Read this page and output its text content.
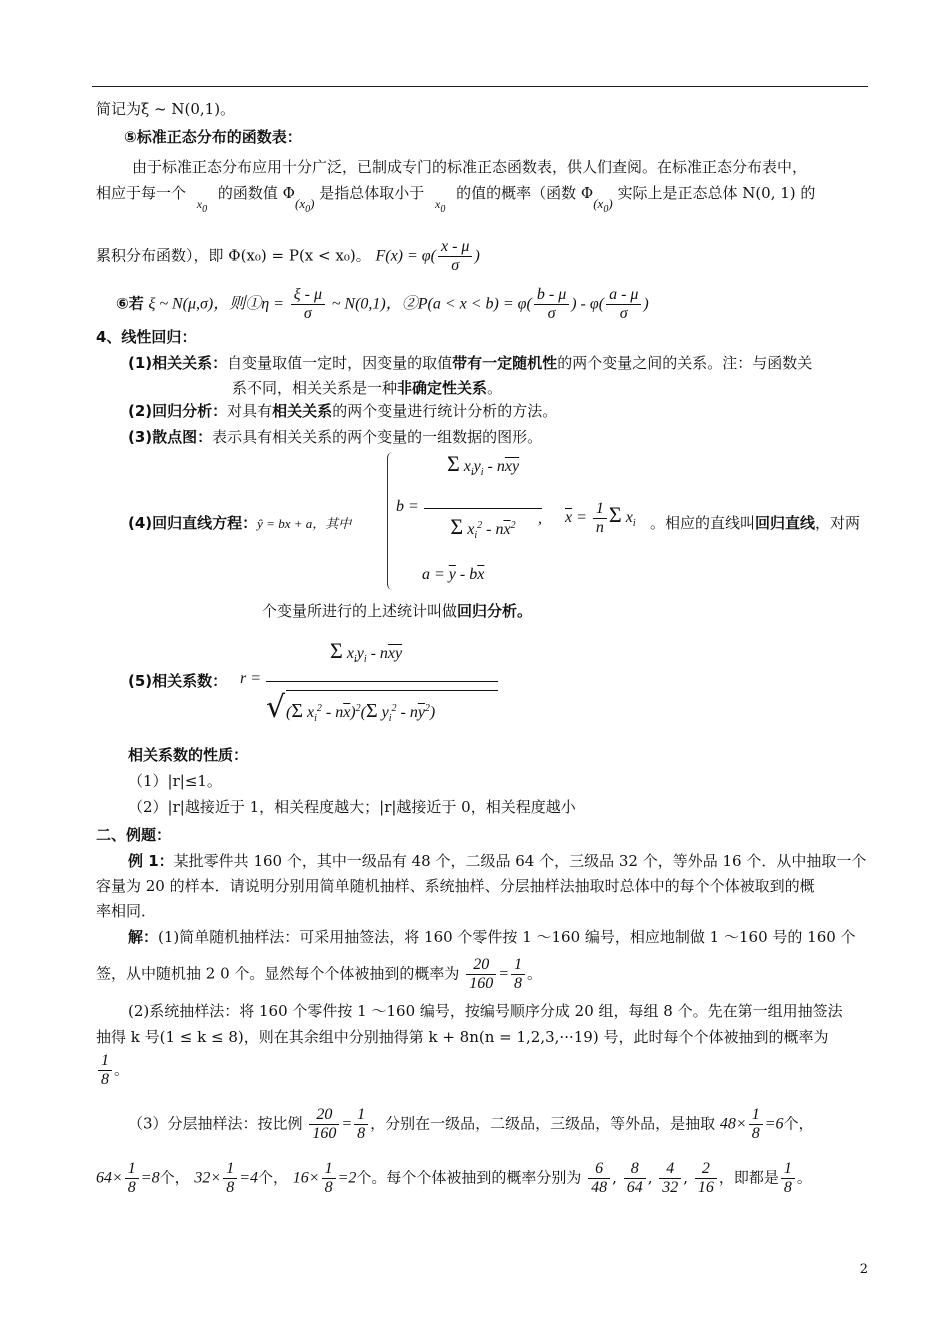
简记为ξ ~ N(0,1)。
⑤标准正态分布的函数表：
由于标准正态分布应用十分广泛，已制成专门的标准正态函数表，供人们查阅。在标准正态分布表中，
相应于每一个 $_{x_0}$ 的函数值 $\Phi(x_0)$ 是指总体取小于 $_{x_0}$ 的值的概率（函数 $\Phi(x_0)$ 实际上是正态总体 N(0, 1) 的
累积分布函数），即 Φ(x₀) = P(x < x₀)。 $F(x) = \varphi( \frac{x - \mu}{\sigma}$ )
⑥若 ξ ~ N(μ,σ)，则①η = $\frac{\xi - \mu}{\sigma}$ ~ N(0,1)，②P(a < $x < b) = \varphi( \frac{b - \mu}{\sigma}$ ) - $\varphi( \frac{a - \mu}{\sigma}$ )
4、线性回归：
(1)相关关系：自变量取值一定时，因变量的取值带有一定随机性的两个变量之间的关系。注：与函数关
系不同，相关关系是一种非确定性关系。
(2)回归分析：对具有相关关系的两个变量进行统计分析的方法。
(3)散点图：表示具有相关关系的两个变量的一组数据的图形。
(4)回归直线方程：ŷ = bx + a，其中
b =
Σ $x_iy_i - n\overline{xy}$
Σ $x_i^2 - n\overline{x}^2$
$a = \overline{y} - b\overline{x}$
, $\overline{x} = \frac{1}{n}$ Σ $x_i$ 。相应的直线叫回归直线，对两
个变量所进行的上述统计叫做回归分析。
(5)相关系数： r =
Σ $x_iy_i - n\overline{xy}$
√ (Σ $x_i^2 - n\overline{x})^2(\Sigma$ $y_i^2 - n\overline{y}^2$)
相关系数的性质：
（1）|r|≤1。
（2）|r|越接近于 1，相关程度越大；|r|越接近于 0，相关程度越小
二、例题：
例 1：某批零件共 160 个，其中一级品有 48 个，二级品 64 个，三级品 32 个，等外品 16 个．从中抽取一个
容量为 20 的样本．请说明分别用简单随机抽样、系统抽样、分层抽样法抽取时总体中的每个个体被取到的概
率相同．
解：(1)简单随机抽样法：可采用抽签法，将 160 个零件按 1 ～160 编号，相应地制做 1 ～160 号的 160 个
签，从中随机抽 2 0 个。显然每个个体被抽到的概率为 $\frac{20}{160} = \frac{1}{8}$ 。
(2)系统抽样法：将 160 个零件按 1 ～160 编号，按编号顺序分成 20 组，每组 8 个。先在第一组用抽签法
抽得 k 号(1 ≤ k ≤ 8)，则在其余组中分别抽得第 k + 8n(n = 1,2,3,···19) 号，此时每个个体被抽到的概率为
$\frac{1}{8}$ 。
（3）分层抽样法：按比例 $\frac{20}{160} = \frac{1}{8}$ ，分别在一级品，二级品，三级品，等外品，是抽取 $48\times \frac{1}{8} =6$个，
$64\times \frac{1}{8} =8$个， $32\times \frac{1}{8} =4$个， $16\times \frac{1}{8} =2$个。每个个体被抽到的概率分别为 $\frac{6}{48}$ , $\frac{8}{64}$ , $\frac{4}{32}$ , $\frac{2}{16}$ ，即都是 $\frac{1}{8}$ 。
2
